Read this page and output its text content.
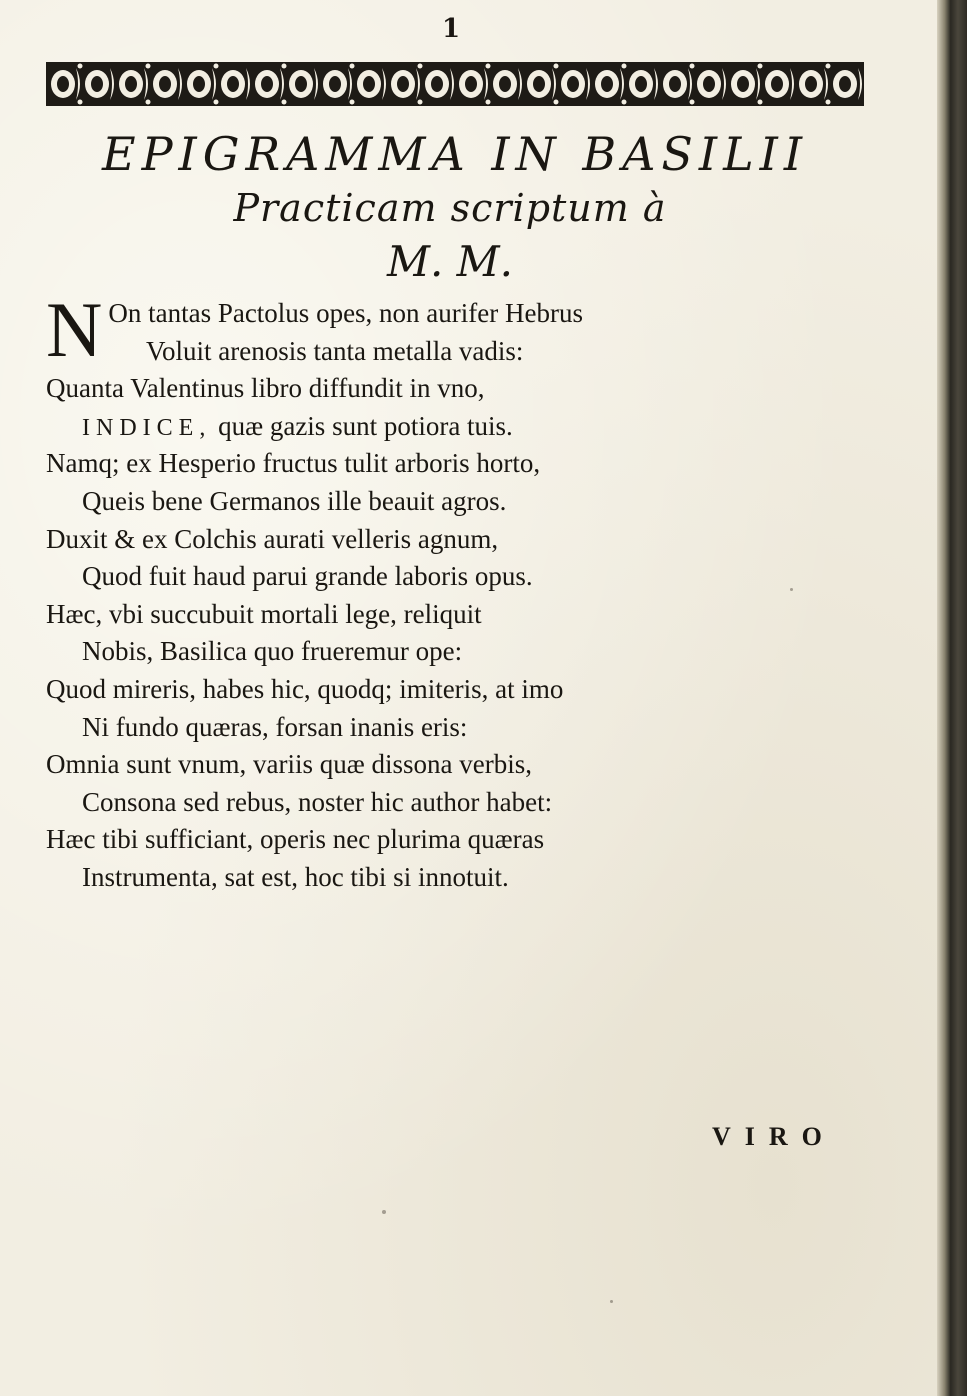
1
EPIGRAMMA IN BASILII
Practicam scriptum à
M. M.
N On tantas Pactolus opes, non aurifer Hebrus
Voluit arenosis tanta metalla vadis:
Quanta Valentinus libro diffundit in vno,
INDICE, quæ gazis sunt potiora tuis.
Namq; ex Hesperio fructus tulit arboris horto,
Queis bene Germanos ille beauit agros.
Duxit & ex Colchis aurati velleris agnum,
Quod fuit haud parui grande laboris opus.
Hæc, vbi succubuit mortali lege, reliquit
Nobis, Basilica quo frueremur ope:
Quod mireris, habes hic, quodq; imiteris, at imo
Ni fundo quæras, forsan inanis eris:
Omnia sunt vnum, variis quæ dissona verbis,
Consona sed rebus, noster hic author habet:
Hæc tibi sufficiant, operis nec plurima quæras
Instrumenta, sat est, hoc tibi si innotuit.
VIRO
